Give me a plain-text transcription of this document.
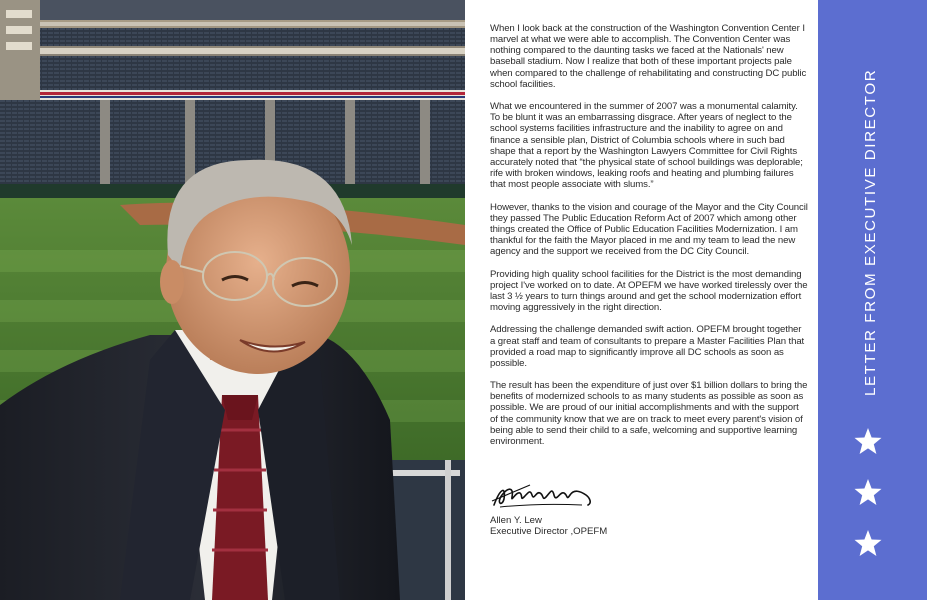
When I look back at the construction of the Washington Convention Center I marvel at what we were able to accomplish. The Convention Center was nothing compared to the daunting tasks we faced at the Nationals' new baseball stadium. Now I realize that both of these important projects pale when compared to the challenge of rehabilitating and constructing DC public school facilities.

What we encountered in the summer of 2007 was a monumental calamity. To be blunt it was an embarrassing disgrace. After years of neglect to the school systems facilities infrastructure and the inability to agree on and finance a sensible plan, District of Columbia schools where in such bad shape that a report by the Washington Lawyers Committee for Civil Rights accurately noted that “the physical state of school buildings was deplorable; rife with broken windows, leaking roofs and heating and plumbing failures that most people associate with slums.”

However, thanks to the vision and courage of the Mayor and the City Council they passed The Public Education Reform Act of 2007 which among other things created the Office of Public Education Facilities Modernization. I am thankful for the faith the Mayor placed in me and my team to lead the new agency and the support we received from the DC City Council.

Providing high quality school facilities for the District is the most demanding project I've worked on to date. At OPEFM we have worked tirelessly over the last 3 ½ years to turn things around and get the school modernization effort moving aggressively in the right direction.

Addressing the challenge demanded swift action. OPEFM brought together a great staff and team of consultants to prepare a Master Facilities Plan that provided a road map to significantly improve all DC schools as soon as possible.

The result has been the expenditure of just over $1 billion dollars to bring the benefits of modernized schools to as many students as possible as soon as possible. We are proud of our initial accomplishments and with the support of the community know that we are on track to meet every parent's vision of being able to send their child to a safe, welcoming and supportive learning environment.

Allen Y. Lew
Executive Director ,OPEFM
LETTER FROM EXECUTIVE DIRECTOR
